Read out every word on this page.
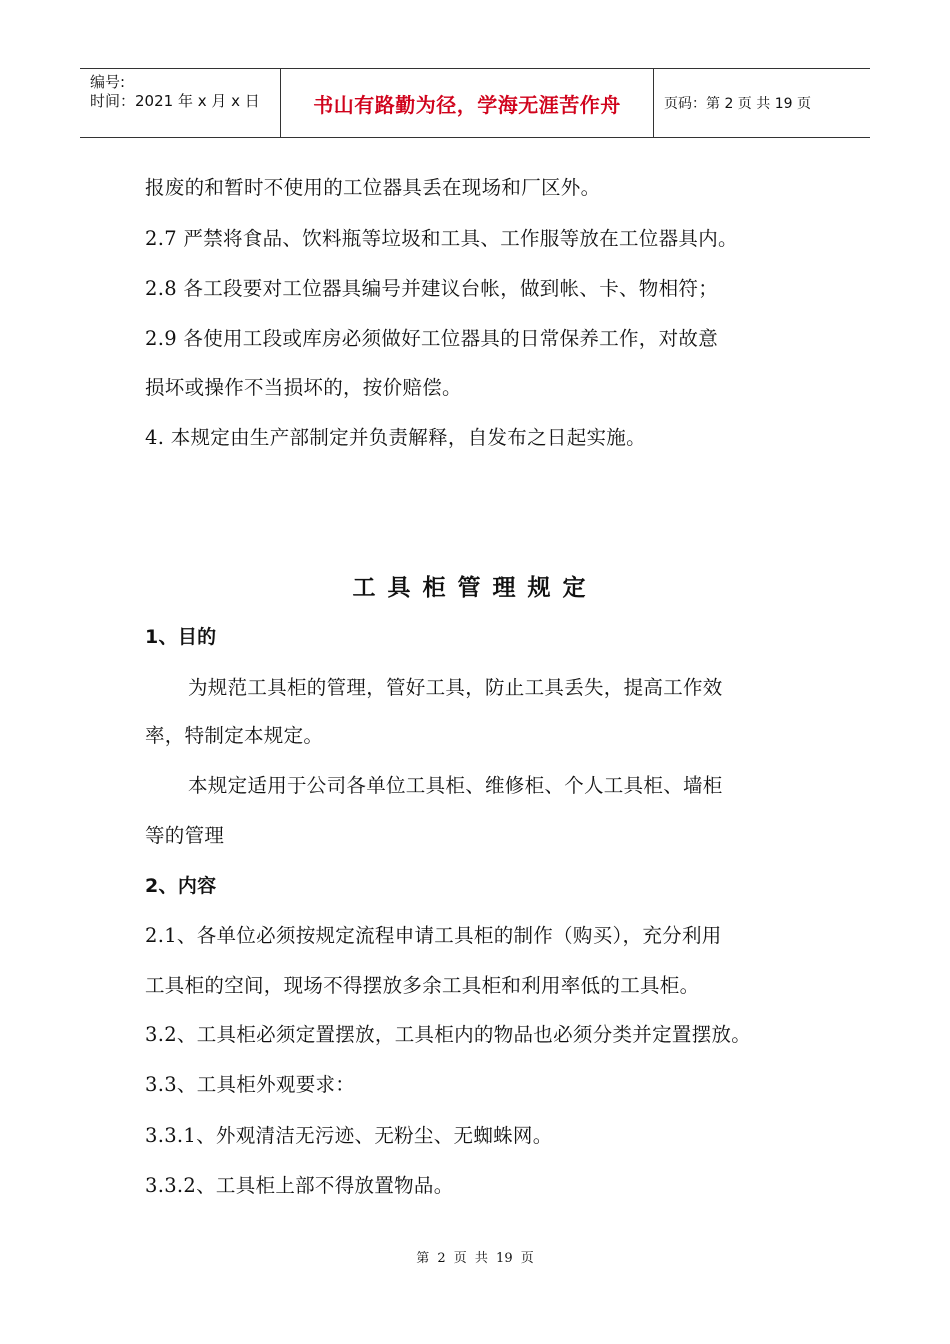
编号:
时间：2021 年 x 月 x 日	书山有路勤为径，学海无涯苦作舟	页码：第 2 页 共 19 页
报废的和暂时不使用的工位器具丢在现场和厂区外。
2.7 严禁将食品、饮料瓶等垃圾和工具、工作服等放在工位器具内。
2.8 各工段要对工位器具编号并建议台帐，做到帐、卡、物相符；
2.9 各使用工段或库房必须做好工位器具的日常保养工作，对故意
损坏或操作不当损坏的，按价赔偿。
4. 本规定由生产部制定并负责解释，自发布之日起实施。
工具柜管理规定
1、目的
为规范工具柜的管理，管好工具，防止工具丢失，提高工作效
率，特制定本规定。
本规定适用于公司各单位工具柜、维修柜、个人工具柜、墙柜
等的管理
2、内容
2.1、各单位必须按规定流程申请工具柜的制作（购买），充分利用
工具柜的空间，现场不得摆放多余工具柜和利用率低的工具柜。
3.2、工具柜必须定置摆放，工具柜内的物品也必须分类并定置摆放。
3.3、工具柜外观要求：
3.3.1、外观清洁无污迹、无粉尘、无蜘蛛网。
3.3.2、工具柜上部不得放置物品。
第 2 页 共 19 页
